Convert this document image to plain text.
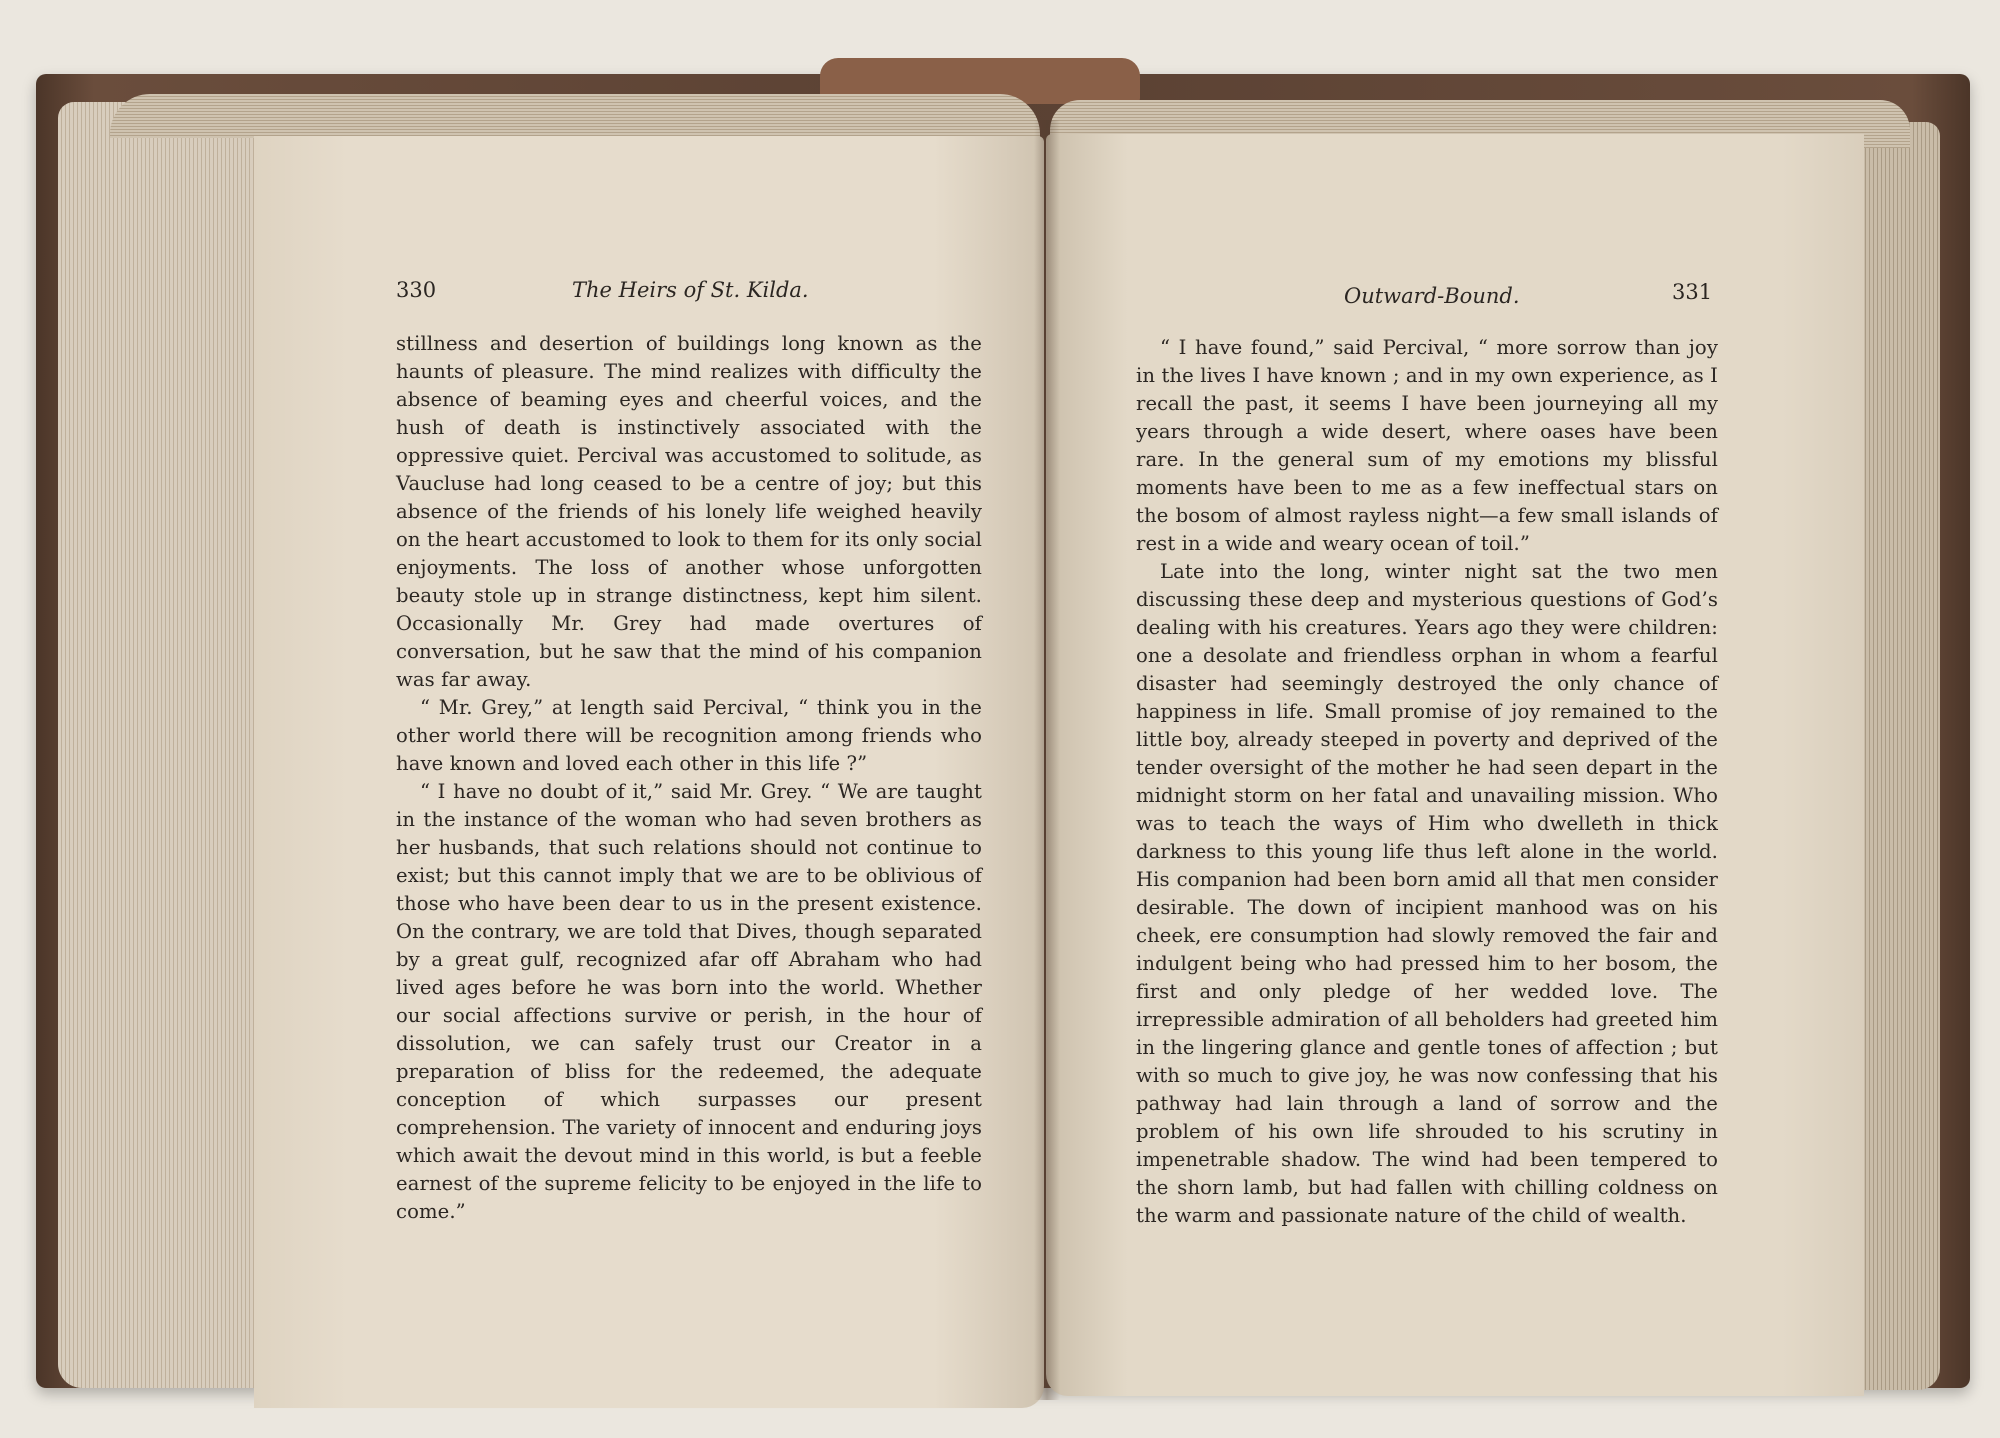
330	The Heirs of St. Kilda.

stillness and desertion of buildings long known as the haunts of pleasure. The mind realizes with difficulty the absence of beaming eyes and cheerful voices, and the hush of death is instinctively associated with the oppressive quiet. Percival was accustomed to solitude, as Vaucluse had long ceased to be a centre of joy; but this absence of the friends of his lonely life weighed heavily on the heart accustomed to look to them for its only social enjoyments. The loss of another whose unforgotten beauty stole up in strange distinctness, kept him silent. Occasionally Mr. Grey had made overtures of conversation, but he saw that the mind of his companion was far away.

“ Mr. Grey,” at length said Percival, “ think you in the other world there will be recognition among friends who have known and loved each other in this life ?”

“ I have no doubt of it,” said Mr. Grey. “ We are taught in the instance of the woman who had seven brothers as her husbands, that such relations should not continue to exist; but this cannot imply that we are to be oblivious of those who have been dear to us in the present existence. On the contrary, we are told that Dives, though separated by a great gulf, recognized afar off Abraham who had lived ages before he was born into the world. Whether our social affections survive or perish, in the hour of dissolution, we can safely trust our Creator in a preparation of bliss for the redeemed, the adequate conception of which surpasses our present comprehension. The variety of innocent and enduring joys which await the devout mind in this world, is but a feeble earnest of the supreme felicity to be enjoyed in the life to come.”

Outward-Bound.	331

“ I have found,” said Percival, “ more sorrow than joy in the lives I have known ; and in my own experience, as I recall the past, it seems I have been journeying all my years through a wide desert, where oases have been rare. In the general sum of my emotions my blissful moments have been to me as a few ineffectual stars on the bosom of almost rayless night—a few small islands of rest in a wide and weary ocean of toil.”

Late into the long, winter night sat the two men discussing these deep and mysterious questions of God’s dealing with his creatures. Years ago they were children: one a desolate and friendless orphan in whom a fearful disaster had seemingly destroyed the only chance of happiness in life. Small promise of joy remained to the little boy, already steeped in poverty and deprived of the tender oversight of the mother he had seen depart in the midnight storm on her fatal and unavailing mission. Who was to teach the ways of Him who dwelleth in thick darkness to this young life thus left alone in the world. His companion had been born amid all that men consider desirable. The down of incipient manhood was on his cheek, ere consumption had slowly removed the fair and indulgent being who had pressed him to her bosom, the first and only pledge of her wedded love. The irrepressible admiration of all beholders had greeted him in the lingering glance and gentle tones of affection ; but with so much to give joy, he was now confessing that his pathway had lain through a land of sorrow and the problem of his own life shrouded to his scrutiny in impenetrable shadow. The wind had been tempered to the shorn lamb, but had fallen with chilling coldness on the warm and passionate nature of the child of wealth.
